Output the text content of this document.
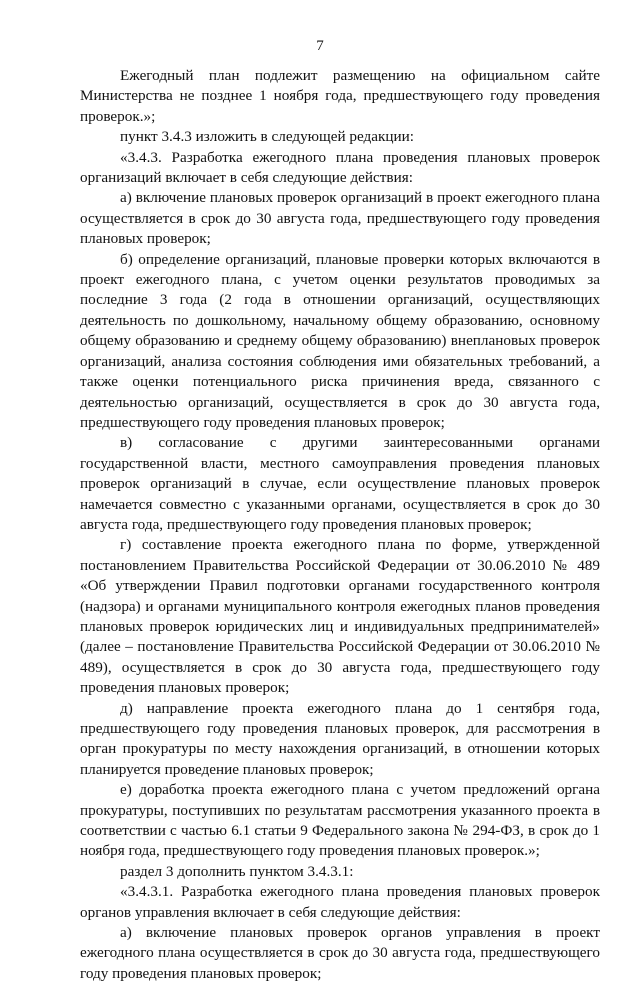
7

Ежегодный план подлежит размещению на официальном сайте Министерства не позднее 1 ноября года, предшествующего году проведения проверок.»;

пункт 3.4.3 изложить в следующей редакции:

«3.4.3. Разработка ежегодного плана проведения плановых проверок организаций включает в себя следующие действия:

а) включение плановых проверок организаций в проект ежегодного плана осуществляется в срок до 30 августа года, предшествующего году проведения плановых проверок;

б) определение организаций, плановые проверки которых включаются в проект ежегодного плана, с учетом оценки результатов проводимых за последние 3 года (2 года в отношении организаций, осуществляющих деятельность по дошкольному, начальному общему образованию, основному общему образованию и среднему общему образованию) внеплановых проверок организаций, анализа состояния соблюдения ими обязательных требований, а также оценки потенциального риска причинения вреда, связанного с деятельностью организаций, осуществляется в срок до 30 августа года, предшествующего году проведения плановых проверок;

в) согласование с другими заинтересованными органами государственной власти, местного самоуправления проведения плановых проверок организаций в случае, если осуществление плановых проверок намечается совместно с указанными органами, осуществляется в срок до 30 августа года, предшествующего году проведения плановых проверок;

г) составление проекта ежегодного плана по форме, утвержденной постановлением Правительства Российской Федерации от 30.06.2010 № 489 «Об утверждении Правил подготовки органами государственного контроля (надзора) и органами муниципального контроля ежегодных планов проведения плановых проверок юридических лиц и индивидуальных предпринимателей» (далее – постановление Правительства Российской Федерации от 30.06.2010 № 489), осуществляется в срок до 30 августа года, предшествующего году проведения плановых проверок;

д) направление проекта ежегодного плана до 1 сентября года, предшествующего году проведения плановых проверок, для рассмотрения в орган прокуратуры по месту нахождения организаций, в отношении которых планируется проведение плановых проверок;

е) доработка проекта ежегодного плана с учетом предложений органа прокуратуры, поступивших по результатам рассмотрения указанного проекта в соответствии с частью 6.1 статьи 9 Федерального закона № 294-ФЗ, в срок до 1 ноября года, предшествующего году проведения плановых проверок.»;

раздел 3 дополнить пунктом 3.4.3.1:

«3.4.3.1. Разработка ежегодного плана проведения плановых проверок органов управления включает в себя следующие действия:

а) включение плановых проверок органов управления в проект ежегодного плана осуществляется в срок до 30 августа года, предшествующего году проведения плановых проверок;
